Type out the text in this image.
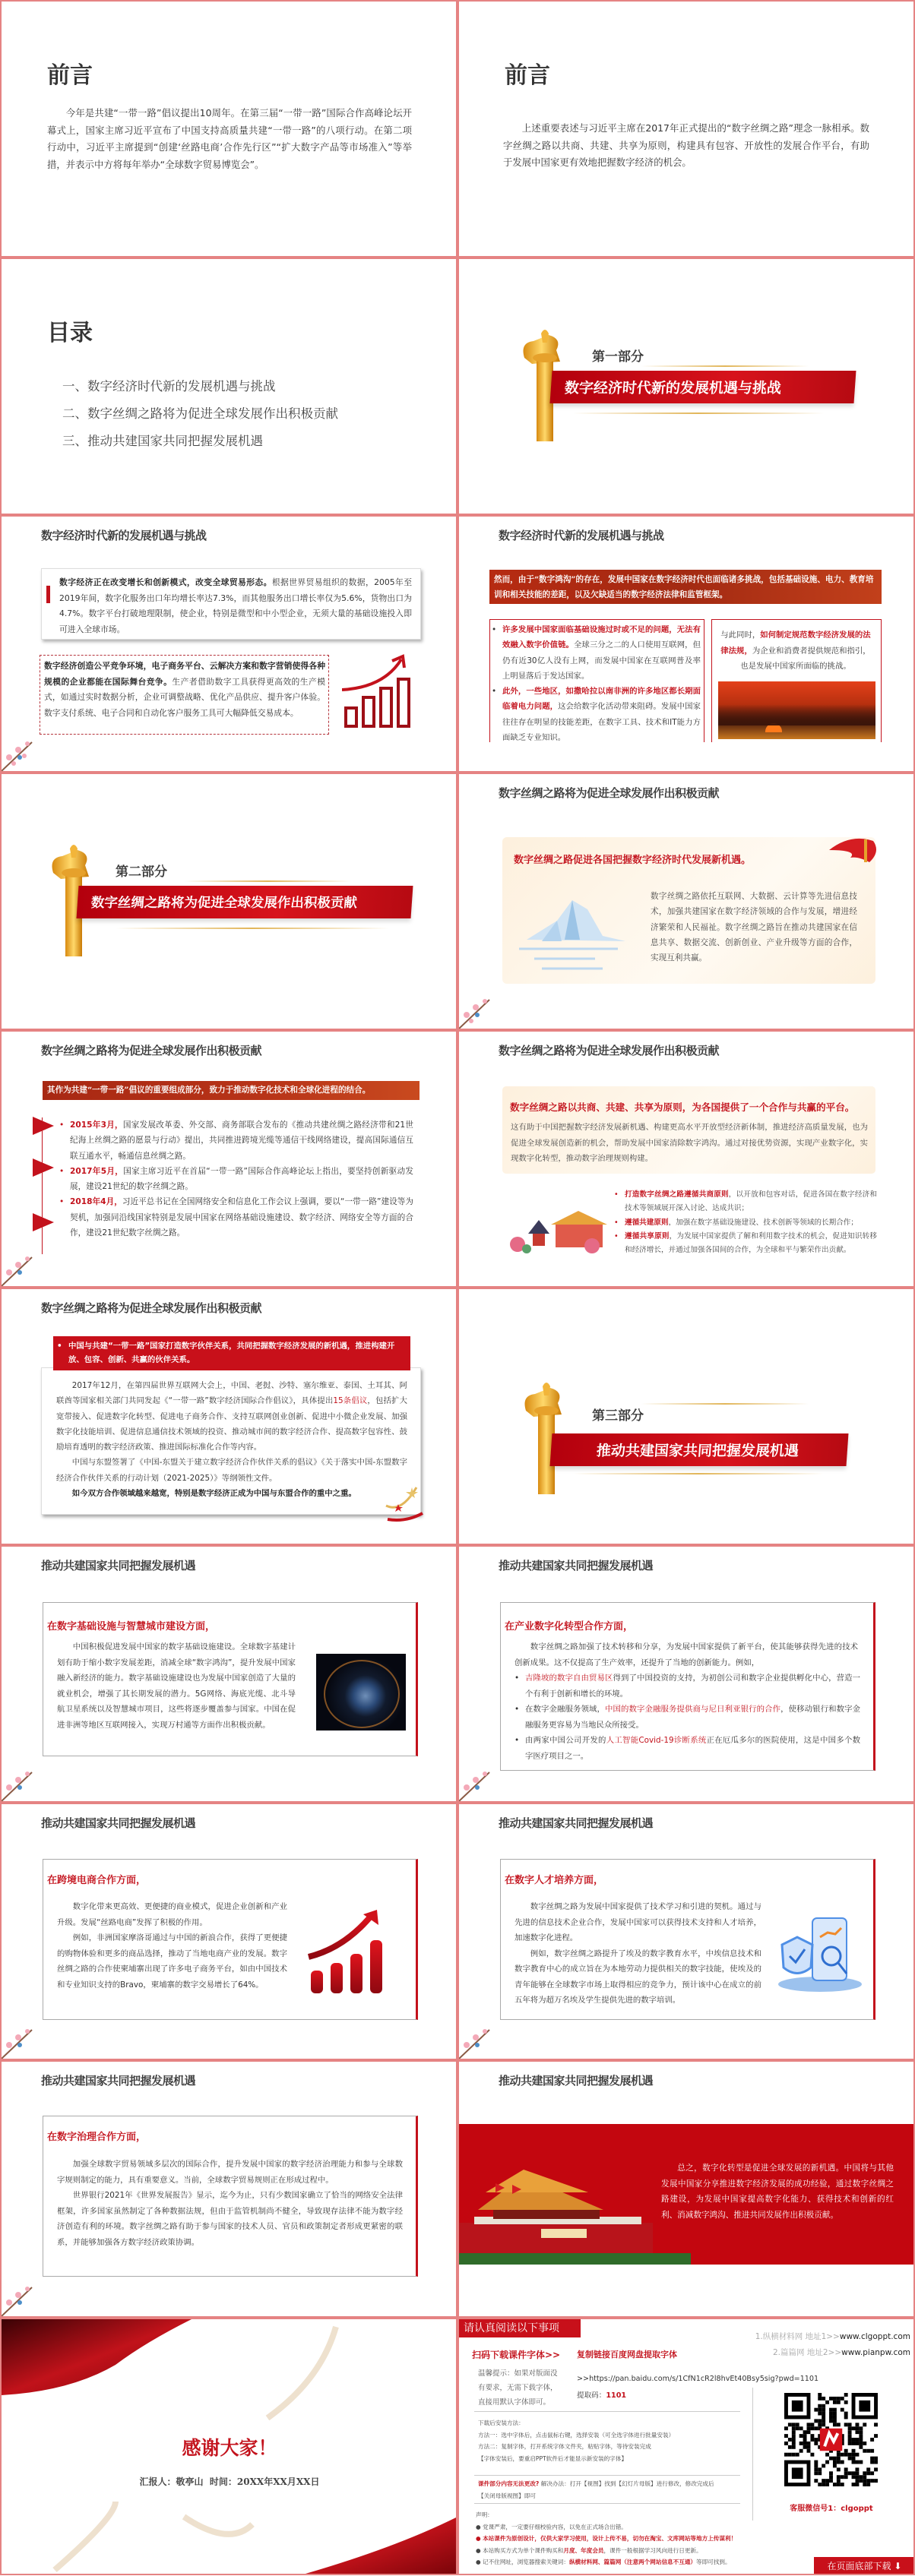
前言
今年是共建“一带一路”倡议提出10周年。在第三届“一带一路”国际合作高峰论坛开幕式上，国家主席习近平宣布了中国支持高质量共建“一带一路”的八项行动。在第二项行动中，习近平主席提到“创建‘丝路电商’合作先行区”“扩大数字产品等市场准入”等举措，并表示中方将每年举办“全球数字贸易博览会”。
前言
上述重要表述与习近平主席在2017年正式提出的“数字丝绸之路”理念一脉相承。数字丝绸之路以共商、共建、共享为原则，构建具有包容、开放性的发展合作平台，有助于发展中国家更有效地把握数字经济的机会。
目录
一、数字经济时代新的发展机遇与挑战
二、数字丝绸之路将为促进全球发展作出积极贡献
三、推动共建国家共同把握发展机遇
第一部分
数字经济时代新的发展机遇与挑战
数字经济时代新的发展机遇与挑战
数字经济正在改变增长和创新模式，改变全球贸易形态。根据世界贸易组织的数据，2005年至2019年间，数字化服务出口年均增长率达7.3%，而其他服务出口增长率仅为5.6%，货物出口为4.7%。数字平台打破地理限制，使企业，特别是微型和中小型企业，无须大量的基础设施投入即可进入全球市场。
数字经济创造公平竞争环境，电子商务平台、云解决方案和数字营销使得各种规模的企业都能在国际舞台竞争。生产者借助数字工具获得更高效的生产模式，如通过实时数据分析，企业可调整战略、优化产品供应、提升客户体验。数字支付系统、电子合同和自动化客户服务工具可大幅降低交易成本。
数字经济时代新的发展机遇与挑战
然而，由于“数字鸿沟”的存在，发展中国家在数字经济时代也面临诸多挑战，包括基础设施、电力、教育培训和相关技能的差距，以及欠缺适当的数字经济法律和监管框架。
• 许多发展中国家面临基础设施过时或不足的问题，无法有效融入数字价值链。全球三分之二的人口使用互联网，但仍有近30亿人没有上网，而发展中国家在互联网普及率上明显落后于发达国家。
• 此外，一些地区，如撒哈拉以南非洲的许多地区都长期面临着电力问题，这会给数字化活动带来阻碍。发展中国家往往存在明显的技能差距，在数字工具、技术和IT能力方面缺乏专业知识。
与此同时，如何制定规范数字经济发展的法律法规，为企业和消费者提供规范和指引，也是发展中国家所面临的挑战。
第二部分
数字丝绸之路将为促进全球发展作出积极贡献
数字丝绸之路将为促进全球发展作出积极贡献
数字丝绸之路促进各国把握数字经济时代发展新机遇。
数字丝绸之路依托互联网、大数据、云计算等先进信息技术，加强共建国家在数字经济领域的合作与发展，增进经济繁荣和人民福祉。数字丝绸之路旨在推动共建国家在信息共享、数据交流、创新创业、产业升级等方面的合作，实现互利共赢。
数字丝绸之路将为促进全球发展作出积极贡献
其作为共建“一带一路”倡议的重要组成部分，致力于推动数字化技术和全球化进程的结合。
• 2015年3月，国家发展改革委、外交部、商务部联合发布的《推动共建丝绸之路经济带和21世纪海上丝绸之路的愿景与行动》提出，共同推进跨境光缆等通信干线网络建设，提高国际通信互联互通水平，畅通信息丝绸之路。
• 2017年5月，国家主席习近平在首届“一带一路”国际合作高峰论坛上指出，要坚持创新驱动发展，建设21世纪的数字丝绸之路。
• 2018年4月，习近平总书记在全国网络安全和信息化工作会议上强调，要以“一带一路”建设等为契机，加强同沿线国家特别是发展中国家在网络基础设施建设、数字经济、网络安全等方面的合作，建设21世纪数字丝绸之路。
数字丝绸之路将为促进全球发展作出积极贡献
数字丝绸之路以共商、共建、共享为原则，为各国提供了一个合作与共赢的平台。
这有助于中国把握数字经济发展新机遇、构建更高水平开放型经济新体制，推进经济高质量发展，也为促进全球发展创造新的机会，帮助发展中国家消除数字鸿沟。通过对接优势资源，实现产业数字化，实现数字化转型，推动数字治理规则构建。
• 打造数字丝绸之路遵循共商原则，以开放和包容对话，促进各国在数字经济和技术等领域展开深入讨论、达成共识；
• 遵循共建原则，加强在数字基础设施建设、技术创新等领域的长期合作；
• 遵循共享原则，为发展中国家提供了解和利用数字技术的机会，促进知识转移和经济增长，并通过加强各国间的合作，为全球和平与繁荣作出贡献。
数字丝绸之路将为促进全球发展作出积极贡献
2017年12月，在第四届世界互联网大会上，中国、老挝、沙特、塞尔维亚、泰国、土耳其、阿联酋等国家相关部门共同发起《“一带一路”数字经济国际合作倡议》，具体提出15条倡议，包括扩大宽带接入、促进数字化转型、促进电子商务合作、支持互联网创业创新、促进中小微企业发展、加强数字化技能培训、促进信息通信技术领域的投资、推动城市间的数字经济合作、提高数字包容性、鼓励培育透明的数字经济政策、推进国际标准化合作等内容。
中国与东盟签署了《中国-东盟关于建立数字经济合作伙伴关系的倡议》《关于落实中国-东盟数字经济合作伙伴关系的行动计划（2021-2025）》等纲领性文件。
如今双方合作领域越来越宽，特别是数字经济正成为中国与东盟合作的重中之重。
• 中国与共建“一带一路”国家打造数字伙伴关系，共同把握数字经济发展的新机遇，推进构建开放、包容、创新、共赢的伙伴关系。
第三部分
推动共建国家共同把握发展机遇
推动共建国家共同把握发展机遇
在数字基础设施与智慧城市建设方面，
中国积极促进发展中国家的数字基础设施建设。全球数字基建计划有助于缩小数字发展差距，消减全球“数字鸿沟”，提升发展中国家融入新经济的能力。数字基础设施建设也为发展中国家创造了大量的就业机会，增强了其长期发展的潜力。5G网络、海底光缆、北斗导航卫星系统以及智慧城市项目，这些将逐步覆盖参与国家。中国在促进非洲等地区互联网接入，实现万村通等方面作出积极贡献。
推动共建国家共同把握发展机遇
在产业数字化转型合作方面，
数字丝绸之路加强了技术转移和分享，为发展中国家提供了新平台，使其能够获得先进的技术创新成果。这不仅提高了生产效率，还提升了当地的创新能力。例如，
• 吉隆坡的数字自由贸易区得到了中国投资的支持，为初创公司和数字企业提供孵化中心，营造一个有利于创新和增长的环境。
• 在数字金融服务领域，中国的数字金融服务提供商与尼日利亚银行的合作，使移动银行和数字金融服务更容易为当地民众所接受。
• 由两家中国公司开发的人工智能Covid-19诊断系统正在厄瓜多尔的医院使用，这是中国多个数字医疗项目之一。
推动共建国家共同把握发展机遇
在跨境电商合作方面，
数字化带来更高效、更便捷的商业模式，促进企业创新和产业升级。发展“丝路电商”发挥了积极的作用。
例如，非洲国家摩洛哥通过与中国的新浪合作，获得了更便捷的购物体验和更多的商品选择，推动了当地电商产业的发展。数字丝绸之路的合作使柬埔寨出现了许多电子商务平台，如由中国技术和专业知识支持的Bravo，柬埔寨的数字交易增长了64%。
推动共建国家共同把握发展机遇
在数字人才培养方面，
数字丝绸之路为发展中国家提供了技术学习和引进的契机。通过与先进的信息技术企业合作，发展中国家可以获得技术支持和人才培养，加速数字化进程。
例如，数字丝绸之路提升了埃及的数字教育水平，中埃信息技术和数字教育中心的成立旨在为本地劳动力提供相关的数字技能，使埃及的青年能够在全球数字市场上取得相应的竞争力，预计该中心在成立的前五年将为超万名埃及学生提供先进的数字培训。
推动共建国家共同把握发展机遇
在数字治理合作方面，
加强全球数字贸易领域多层次的国际合作，提升发展中国家的数字经济治理能力和参与全球数字规则制定的能力，具有重要意义。当前，全球数字贸易规则正在形成过程中。
世界银行2021年《世界发展报告》显示，迄今为止，只有少数国家确立了恰当的网络安全法律框架，许多国家虽然制定了各种数据法规，但由于监管机制尚不健全，导致现存法律不能为数字经济创造有利的环境。数字丝绸之路有助于参与国家的技术人员、官员和政策制定者形成更紧密的联系，并能够加强各方数字经济政策协调。
推动共建国家共同把握发展机遇
总之，数字化转型是促进全球发展的新机遇。中国将与其他发展中国家分享推进数字经济发展的成功经验，通过数字丝绸之路建设，为发展中国家提高数字化能力、获得技术和创新的红利、消减数字鸿沟、推进共同发展作出积极贡献。
感谢大家！
汇报人：敬亭山 时间：20XX年XX月XX日
请认真阅读以下事项
扫码下载课件字体>> 复制链接百度网盘提取字体
温馨提示：如果对版面没
有要求，无需下载字体，
直接用默认字体即可。
>>https://pan.baidu.com/s/1CfN1cR2l8hvEt40Bsy5sig?pwd=1101
提取码：1101
下载后安装方法：
方法一：选中字体后，点击鼠标右键，选择安装（可全选字体进行批量安装）
方法二：复制字体，打开系统字体文件夹，粘贴字体，等待安装完成
【字体安装后，要重启PPT软件后才能显示新安装的字体】
课件部分内容无法更改? 解决办法：打开【视图】找到【幻灯片母版】进行修改，修改完成后
【关闭母版视图】即可
声明：
● 党课严肃，一定要仔细校验内容，以免在正式场合出错。
● 本站课件为原创设计，仅供大家学习使用，设计上传不易，切勿在淘宝、文库网站等地方上传谋利！
● 本站购买方式为单个课件购买和月度、年度会员，课件一般根据学习风向进行日更新。
● 记不住网址，浏览器搜索关键词：纵横材料网、篇篇网（注意两个网站信息不互通）等即可找到。
1.纵横材料网 地址1>>www.clgoppt.com
2.篇篇网 地址2>>www.pianpw.com
客服微信号1：clgoppt
在页面底部下载 ⬇
